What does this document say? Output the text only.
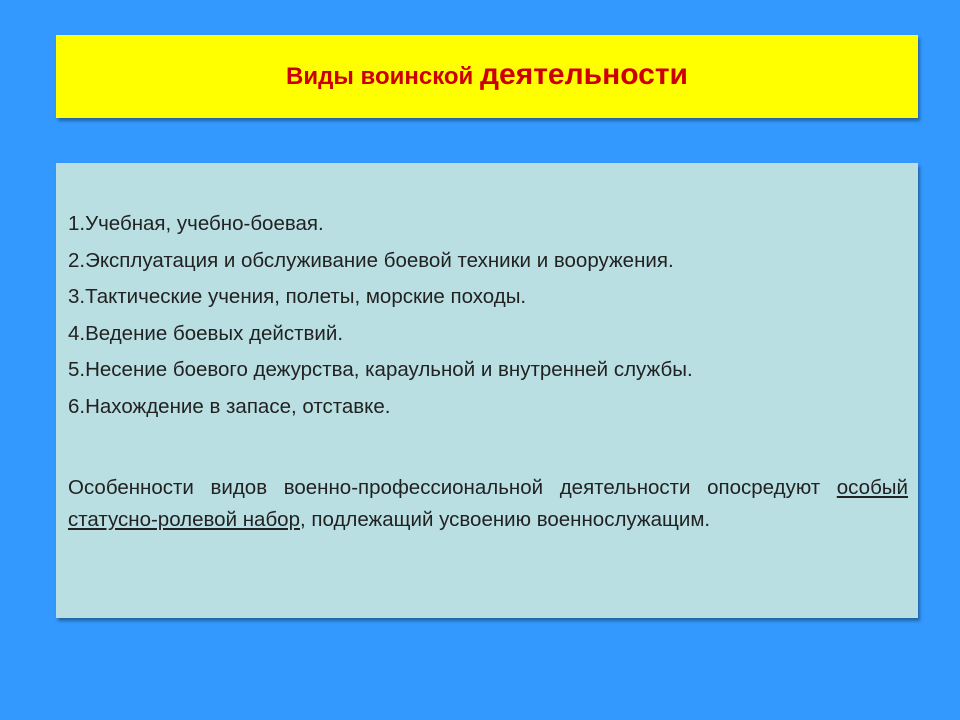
Виды воинской деятельности
1.Учебная, учебно-боевая.
2.Эксплуатация и обслуживание боевой техники и вооружения.
3.Тактические учения, полеты, морские походы.
4.Ведение боевых действий.
5.Несение боевого дежурства, караульной и внутренней службы.
6.Нахождение в запасе, отставке.

Особенности видов военно-профессиональной деятельности опосредуют особый статусно-ролевой набор, подлежащий усвоению военнослужащим.
